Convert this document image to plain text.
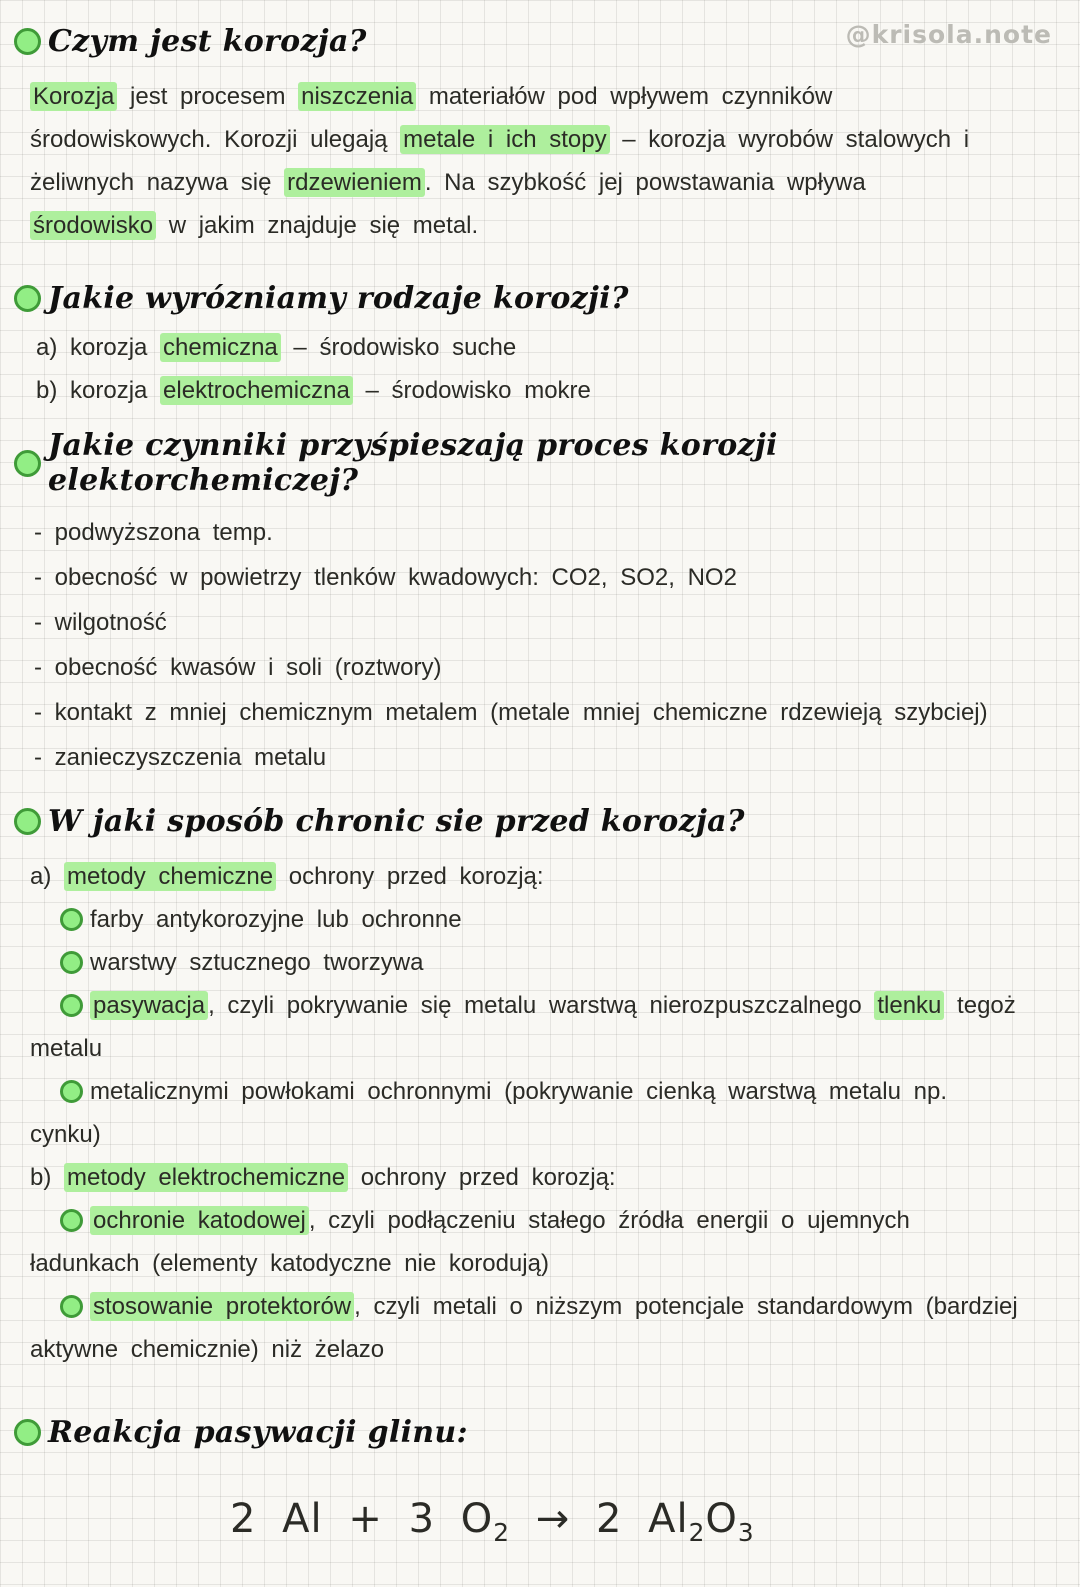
@krisola.note
Czym jest korozja?

Korozja jest procesem niszczenia materiałów pod wpływem czynników środowiskowych. Korozji ulegają metale i ich stopy – korozja wyrobów stalowych i żeliwnych nazywa się rdzewieniem . Na szybkość jej powstawania wpływa środowisko w jakim znajduje się metal.

Jakie wyrózniamy rodzaje korozji?

a) korozja chemiczna – środowisko suche

b) korozja elektrochemiczna – środowisko mokre

Jakie czynniki przyśpieszają proces korozji elektorchemiczej?

- podwyższona temp.

- obecność w powietrzy tlenków kwadowych: CO2, SO2, NO2

- wilgotność

- obecność kwasów i soli (roztwory)

- kontakt z mniej chemicznym metalem (metale mniej chemiczne rdzewieją szybciej)

- zanieczyszczenia metalu

W jaki sposób chronic sie przed korozja?

a) metody chemiczne ochrony przed korozją:

farby antykorozyjne lub ochronne

warstwy sztucznego tworzywa

pasywacja , czyli pokrywanie się metalu warstwą nierozpuszczalnego tlenku tegoż metalu

metalicznymi powłokami ochronnymi (pokrywanie cienką warstwą metalu np. cynku)

b) metody elektrochemiczne ochrony przed korozją:

ochronie katodowej , czyli podłączeniu stałego źródła energii o ujemnych ładunkach (elementy katodyczne nie korodują)

stosowanie protektorów , czyli metali o niższym potencjale standardowym (bardziej aktywne chemicznie) niż żelazo

Reakcja pasywacji glinu:
2 Al + 3 $O_2 \to 2$ $Al_2O_3$
